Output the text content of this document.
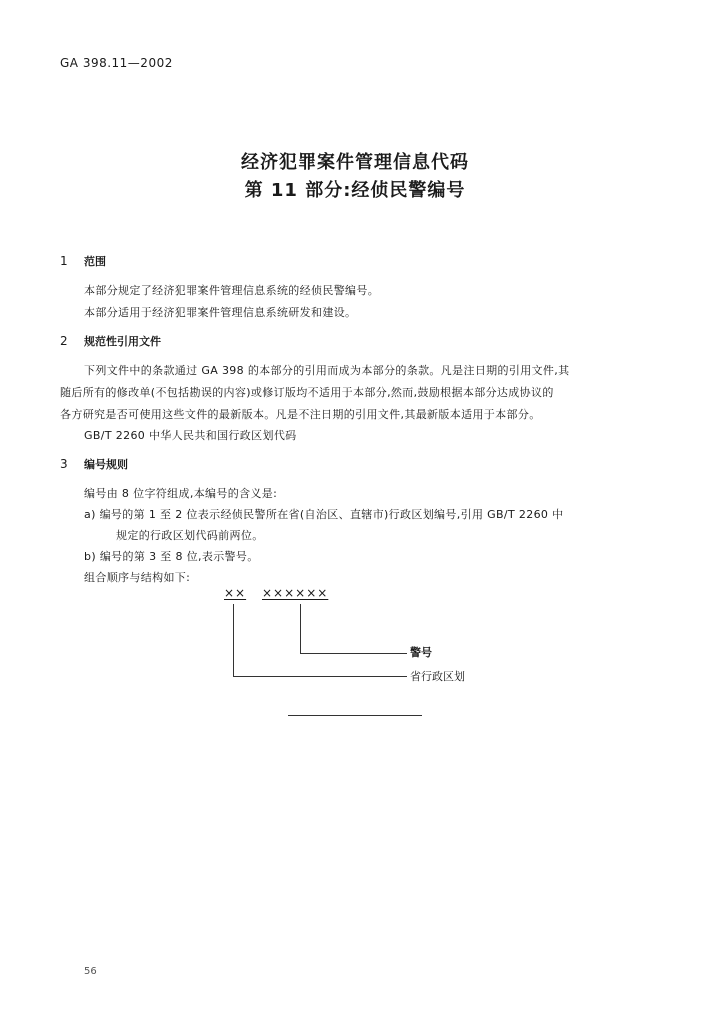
GA 398.11—2002
经济犯罪案件管理信息代码
第 11 部分:经侦民警编号
1 范围
本部分规定了经济犯罪案件管理信息系统的经侦民警编号。
本部分适用于经济犯罪案件管理信息系统研发和建设。
2 规范性引用文件
下列文件中的条款通过 GA 398 的本部分的引用而成为本部分的条款。凡是注日期的引用文件,其
随后所有的修改单(不包括勘误的内容)或修订版均不适用于本部分,然而,鼓励根据本部分达成协议的
各方研究是否可使用这些文件的最新版本。凡是不注日期的引用文件,其最新版本适用于本部分。
GB/T 2260 中华人民共和国行政区划代码
3 编号规则
编号由 8 位字符组成,本编号的含义是:
a) 编号的第 1 至 2 位表示经侦民警所在省(自治区、直辖市)行政区划编号,引用 GB/T 2260 中
规定的行政区划代码前两位。
b) 编号的第 3 至 8 位,表示警号。
组合顺序与结构如下:
×× ××××××
警号
省行政区划
56
